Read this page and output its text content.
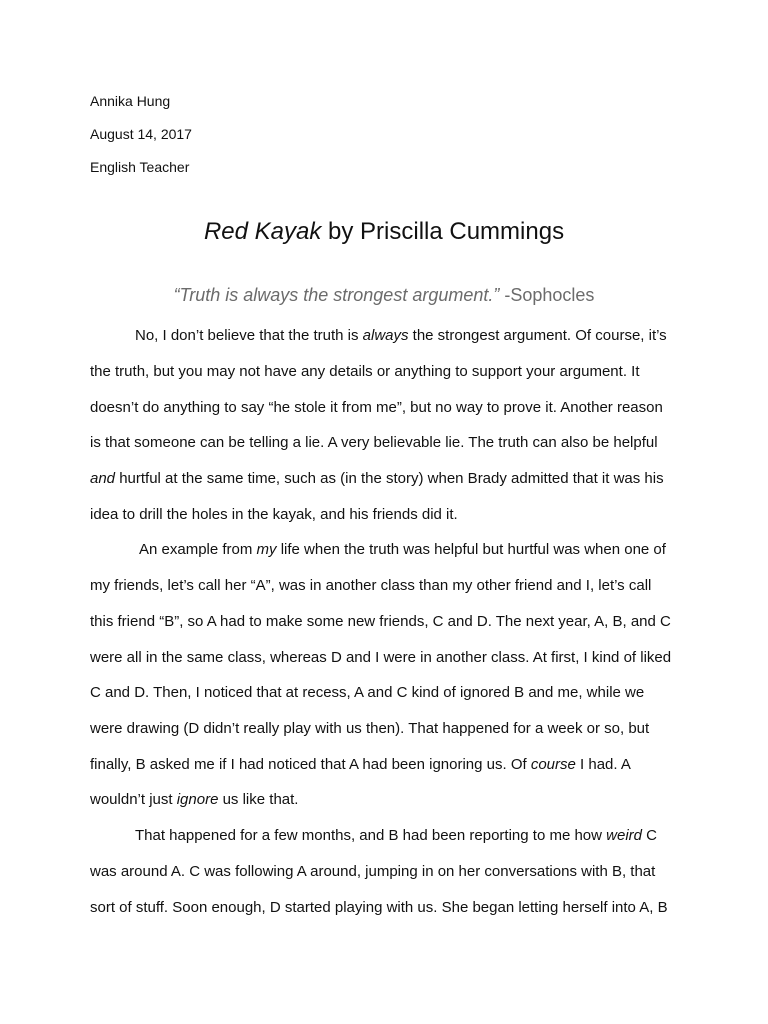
Annika Hung

August 14, 2017

English Teacher

Red Kayak by Priscilla Cummings

“Truth is always the strongest argument.” -Sophocles

No, I don’t believe that the truth is always the strongest argument. Of course, it’s

the truth, but you may not have any details or anything to support your argument. It

doesn’t do anything to say “he stole it from me”, but no way to prove it. Another reason

is that someone can be telling a lie. A very believable lie. The truth can also be helpful

and hurtful at the same time, such as (in the story) when Brady admitted that it was his

idea to drill the holes in the kayak, and his friends did it.

An example from my life when the truth was helpful but hurtful was when one of

my friends, let’s call her “A”, was in another class than my other friend and I, let’s call

this friend “B”, so A had to make some new friends, C and D. The next year, A, B, and C

were all in the same class, whereas D and I were in another class. At first, I kind of liked

C and D. Then, I noticed that at recess, A and C kind of ignored B and me, while we

were drawing (D didn’t really play with us then). That happened for a week or so, but

finally, B asked me if I had noticed that A had been ignoring us. Of course I had. A

wouldn’t just ignore us like that.

That happened for a few months, and B had been reporting to me how weird C

was around A. C was following A around, jumping in on her conversations with B, that

sort of stuff. Soon enough, D started playing with us. She began letting herself into A, B
